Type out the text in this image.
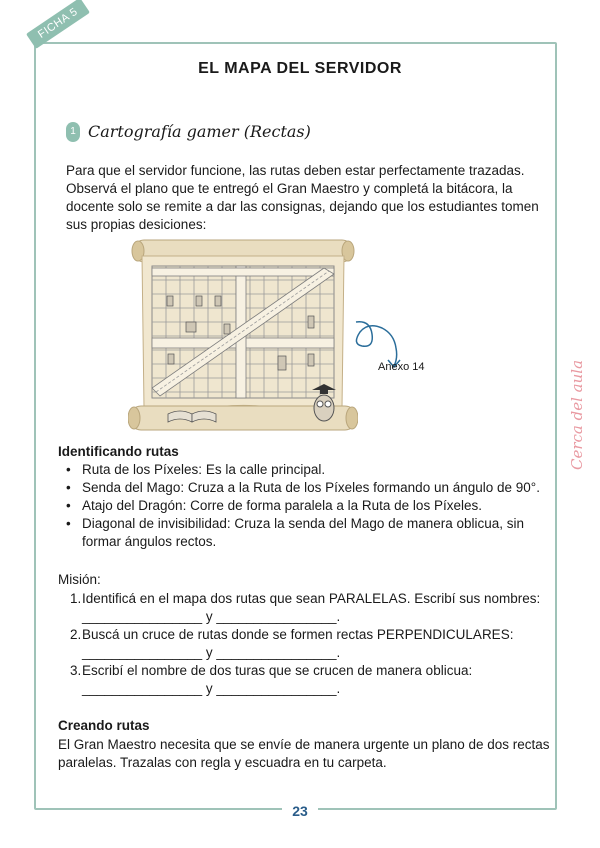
FICHA 5
EL MAPA DEL SERVIDOR
1 Cartografía gamer (Rectas)
Para que el servidor funcione, las rutas deben estar perfectamente trazadas. Observá el plano que te entregó el Gran Maestro y completá la bitácora, la docente solo se remite a dar las consignas, dejando que los estudiantes tomen sus propias desiciones:
Anexo 14	Cerca del aula
Identificando rutas
• Ruta de los Píxeles: Es la calle principal.
• Senda del Mago: Cruza a la Ruta de los Píxeles formando un ángulo de 90°.
• Atajo del Dragón: Corre de forma paralela a la Ruta de los Píxeles.
• Diagonal de invisibilidad: Cruza la senda del Mago de manera oblicua, sin formar ángulos rectos.
Misión:
1. Identificá en el mapa dos rutas que sean PARALELAS. Escribí sus nombres: ________________ y ________________.
2. Buscá un cruce de rutas donde se formen rectas PERPENDICULARES: ________________ y ________________.
3. Escribí el nombre de dos turas que se crucen de manera oblicua: ________________ y ________________.
Creando rutas
El Gran Maestro necesita que se envíe de manera urgente un plano de dos rectas paralelas. Trazalas con regla y escuadra en tu carpeta.
23
